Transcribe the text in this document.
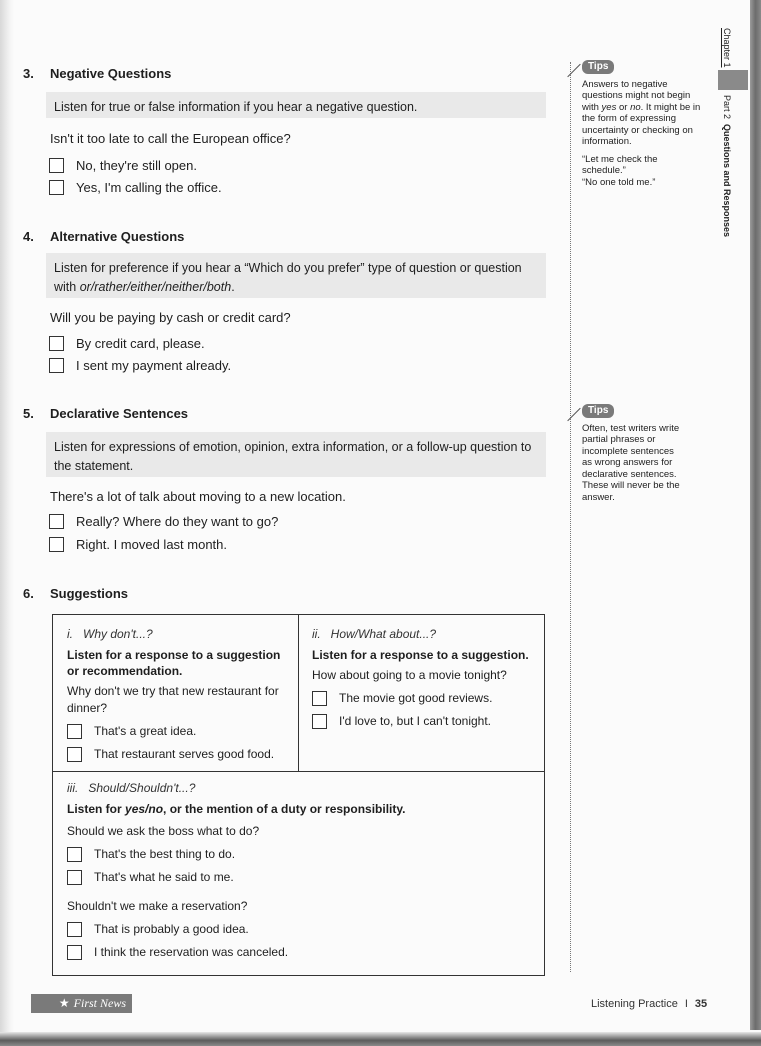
3. Negative Questions
Listen for true or false information if you hear a negative question.
Isn't it too late to call the European office?
No, they're still open.
Yes, I'm calling the office.
4. Alternative Questions
Listen for preference if you hear a “Which do you prefer” type of question or question
with or/rather/either/neither/both.
Will you be paying by cash or credit card?
By credit card, please.
I sent my payment already.
5. Declarative Sentences
Listen for expressions of emotion, opinion, extra information, or a follow-up question to the statement.
There's a lot of talk about moving to a new location.
Really? Where do they want to go?
Right. I moved last month.
6. Suggestions
i.   Why don't...?
Listen for a response to a suggestion or recommendation.
Why don't we try that new restaurant for dinner?
That's a great idea.
That restaurant serves good food.
ii.   How/What about...?
Listen for a response to a suggestion.
How about going to a movie tonight?
The movie got good reviews.
I'd love to, but I can't tonight.
iii.   Should/Shouldn't...?
Listen for yes/no, or the mention of a duty or responsibility.
Should we ask the boss what to do?
That's the best thing to do.
That's what he said to me.
Shouldn't we make a reservation?
That is probably a good idea.
I think the reservation was canceled.
Tips

Answers to negative questions might not begin with yes or no. It might be in the form of expressing uncertainty or checking on information.

“Let me check the schedule.”
“No one told me.”
Tips

Often, test writers write partial phrases or incomplete sentences as wrong answers for declarative sentences. These will never be the answer.

Chapter 1
Part 2  Questions and Responses
★ First News	Listening Practice I 35
